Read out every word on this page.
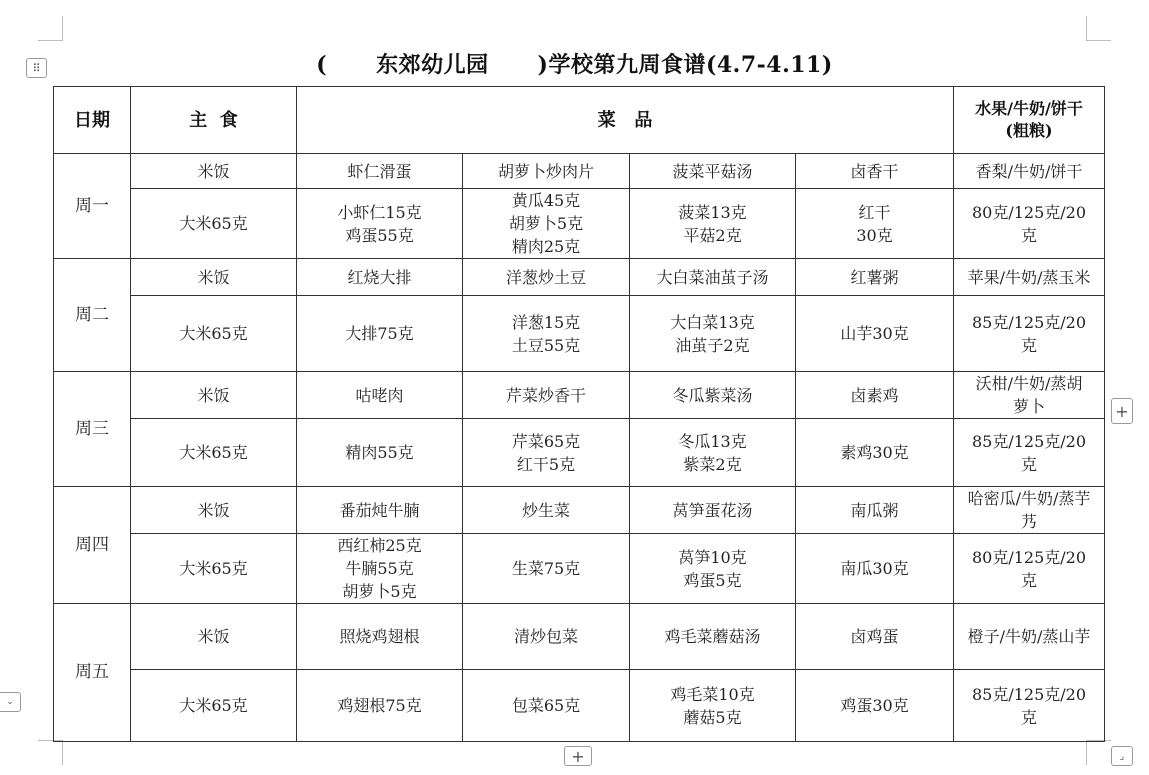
⠿
+
+	⌟
⌄
(      东郊幼儿园      )学校第九周食谱(4.7-4.11)
日期	主  食	菜   品				水果/牛奶/饼干
(粗粮)
周一	米饭	虾仁滑蛋	胡萝卜炒肉片	菠菜平菇汤	卤香干	香梨/牛奶/饼干
	大米65克	小虾仁15克
鸡蛋55克	黄瓜45克
胡萝卜5克
精肉25克	菠菜13克
平菇2克	红干
30克	80克/125克/20
克
周二	米饭	红烧大排	洋葱炒土豆	大白菜油茧子汤	红薯粥	苹果/牛奶/蒸玉米
	大米65克	大排75克	洋葱15克
土豆55克	大白菜13克
油茧子2克	山芋30克	85克/125克/20
克
周三	米饭	咕咾肉	芹菜炒香干	冬瓜紫菜汤	卤素鸡	沃柑/牛奶/蒸胡
萝卜
	大米65克	精肉55克	芹菜65克
红干5克	冬瓜13克
紫菜2克	素鸡30克	85克/125克/20
克
周四	米饭	番茄炖牛腩	炒生菜	莴笋蛋花汤	南瓜粥	哈密瓜/牛奶/蒸芋
艿
	大米65克	西红柿25克
牛腩55克
胡萝卜5克	生菜75克	莴笋10克
鸡蛋5克	南瓜30克	80克/125克/20
克
周五	米饭	照烧鸡翅根	清炒包菜	鸡毛菜蘑菇汤	卤鸡蛋	橙子/牛奶/蒸山芋
	大米65克	鸡翅根75克	包菜65克	鸡毛菜10克
蘑菇5克	鸡蛋30克	85克/125克/20
克
